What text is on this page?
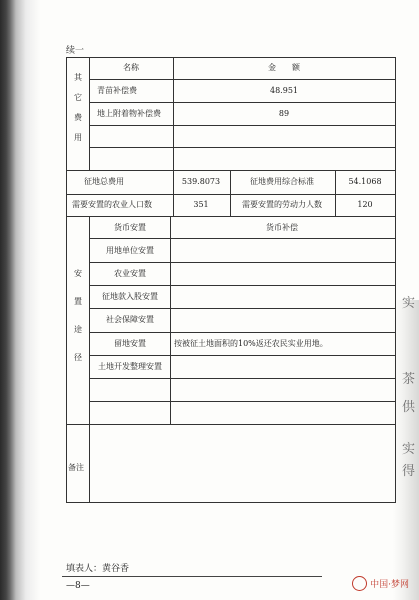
实
茶
供
实
得
续一
其
它
费
用
名称	金　　额
青苗补偿费	48.951
地上附着物补偿费	89
征地总费用	539.8073	征地费用综合标准	54.1068
需要安置的农业人口数	351	需要安置的劳动力人数	120
安
置
途
径
货币安置	货币补偿
用地单位安置
农业安置
征地款入股安置
社会保障安置
留地安置	按被征土地面积的10%返还农民实业用地。
土地开发整理安置
备注
填表人：黄谷香
—8—	中国·梦网
